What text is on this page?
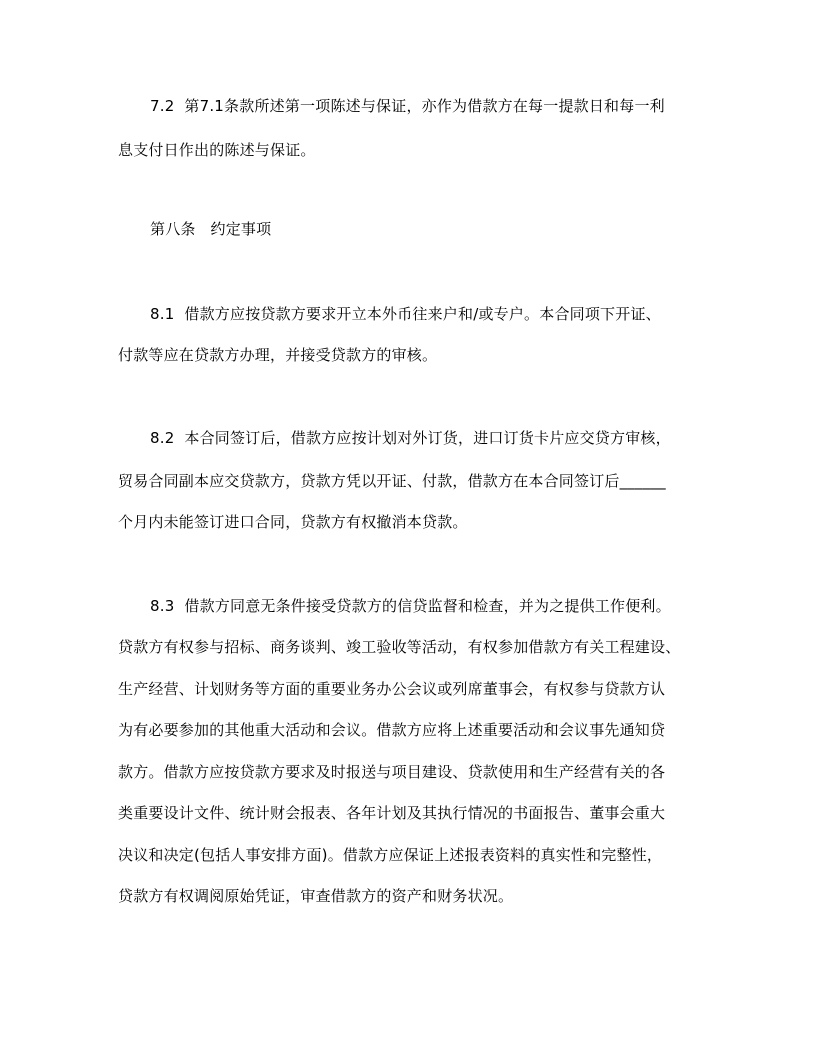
7.2  第7.1条款所述第一项陈述与保证，亦作为借款方在每一提款日和每一利
息支付日作出的陈述与保证。
第八条   约定事项
8.1  借款方应按贷款方要求开立本外币往来户和/或专户。本合同项下开证、
付款等应在贷款方办理，并接受贷款方的审核。
8.2  本合同签订后，借款方应按计划对外订货，进口订货卡片应交贷方审核，
贸易合同副本应交贷款方，贷款方凭以开证、付款，借款方在本合同签订后______
个月内未能签订进口合同，贷款方有权撤消本贷款。
8.3  借款方同意无条件接受贷款方的信贷监督和检查，并为之提供工作便利。
贷款方有权参与招标、商务谈判、竣工验收等活动，有权参加借款方有关工程建设、
生产经营、计划财务等方面的重要业务办公会议或列席董事会，有权参与贷款方认
为有必要参加的其他重大活动和会议。借款方应将上述重要活动和会议事先通知贷
款方。借款方应按贷款方要求及时报送与项目建设、贷款使用和生产经营有关的各
类重要设计文件、统计财会报表、各年计划及其执行情况的书面报告、董事会重大
决议和决定(包括人事安排方面)。借款方应保证上述报表资料的真实性和完整性，
贷款方有权调阅原始凭证，审查借款方的资产和财务状况。
